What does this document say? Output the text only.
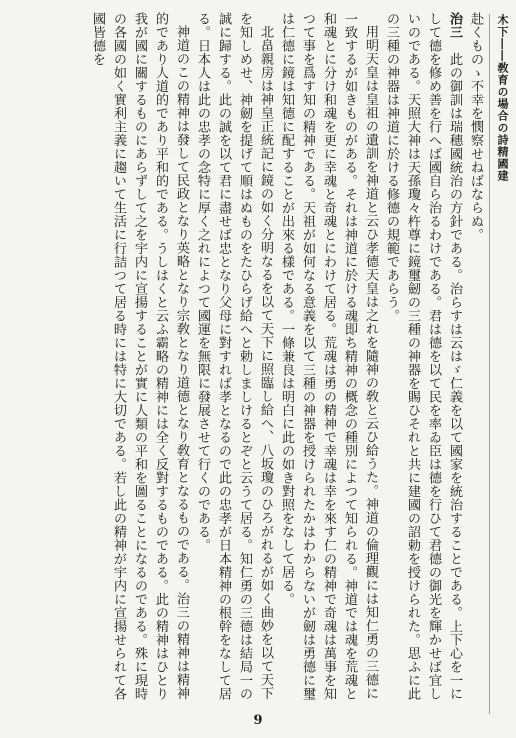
木下――敎育の場合の詩精國建

赴くものゝ不幸を憫察せねばならぬ。

治㆔　此の御訓は瑞穗國統治の方針である。治らすは云はゞ仁義を以て國家を統治することである。上下心を一にして德を修め善を行へば國自ら治るわけである。君は德を以て民を率ゐ臣は德を行ひて君德の御光を輝かせば宜しいのである。天照大神は天孫瓊々杵尊に鏡璽劒の三種の神器を賜ひそれと共に建國の詔勅を授けられた。思ふに此の三種の神器は神道に於ける修德の規範であらう。

用明天皇は皇祖の遺訓を神道と云ひ孝德天皇は之れを隨神の敎と云ひ給うた。神道の倫理觀には知仁勇の三德に一致するが如きものがある。それは神道に於ける魂即ち精神の概念の種別によつて知られる。神道では魂を荒魂と和魂とに分け和魂を更に幸魂と奇魂とにわけて居る。荒魂は勇の精神で幸魂は幸を來す仁の精神で奇魂は萬事を知つて事を爲す知の精神である。天祖が如何なる意義を以て三種の神器を授けられたかはわからないが劒は勇德に璽は仁德に鏡は知德に配することが出來る樣である。一條兼良は明白に此の如き對照をなして居る。

北畠親房は神皇正統記に鏡の如く分明なるを以て天下に照臨し給へ、八坂瓊のひろがれるが如く曲妙を以て天下を知しめせ、神劒を提げて順はぬものをたひらげ給へと勅しましけるとぞと云うて居る。知仁勇の三德は結局一の誠に歸する。此の誠を以て君に盡せば忠となり父母に對すれば孝となるので此の忠孝が日本精神の根幹をなして居る。日本人は此の忠孝の念特に厚く之れによつて國運を無限に發展させて行くのである。

神道のこの精神は發して民政となり英略となり宗敎となり道德となり敎育となるものである。治㆔の精神は精神的であり人道的であり平和的である。うしはくと云ふ霸略の精神には全く反對するものである。此の精神はひとり我が國に關するものにあらずして之を宇内に宣揚することが實に人類の平和を圖ることになるのである。殊に現時の各國の如く實利主義に趨いて生活に行詰つて居る時には特に大切である。若し此の精神が宇内に宣揚せられて各國皆德を

9
